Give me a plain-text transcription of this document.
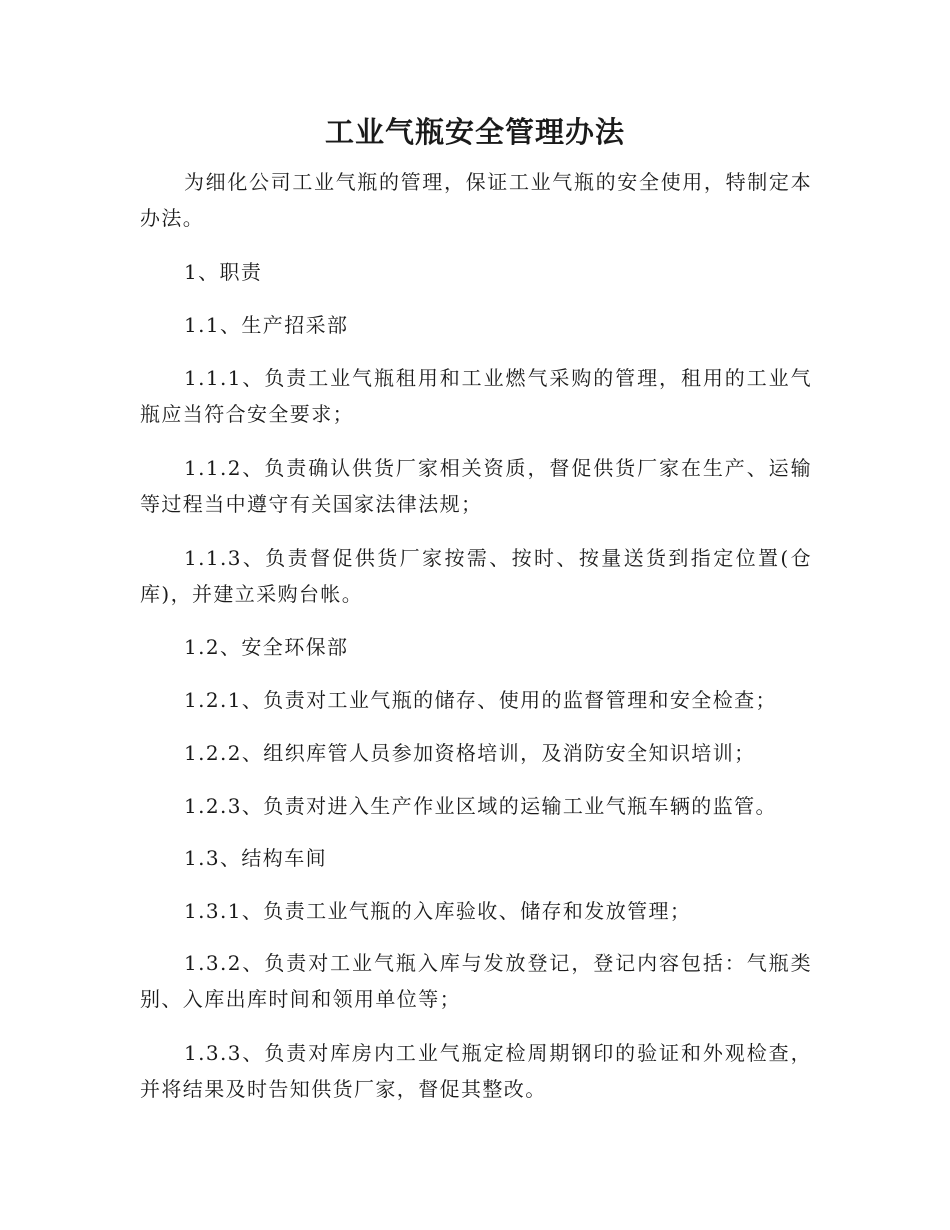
工业气瓶安全管理办法

为细化公司工业气瓶的管理，保证工业气瓶的安全使用，特制定本办法。

1、职责

1.1、生产招采部

1.1.1、负责工业气瓶租用和工业燃气采购的管理，租用的工业气瓶应当符合安全要求；

1.1.2、负责确认供货厂家相关资质，督促供货厂家在生产、运输等过程当中遵守有关国家法律法规；

1.1.3、负责督促供货厂家按需、按时、按量送货到指定位置(仓库)，并建立采购台帐。

1.2、安全环保部

1.2.1、负责对工业气瓶的储存、使用的监督管理和安全检查；

1.2.2、组织库管人员参加资格培训，及消防安全知识培训；

1.2.3、负责对进入生产作业区域的运输工业气瓶车辆的监管。

1.3、结构车间

1.3.1、负责工业气瓶的入库验收、储存和发放管理；

1.3.2、负责对工业气瓶入库与发放登记，登记内容包括：气瓶类别、入库出库时间和领用单位等；

1.3.3、负责对库房内工业气瓶定检周期钢印的验证和外观检查，并将结果及时告知供货厂家，督促其整改。
